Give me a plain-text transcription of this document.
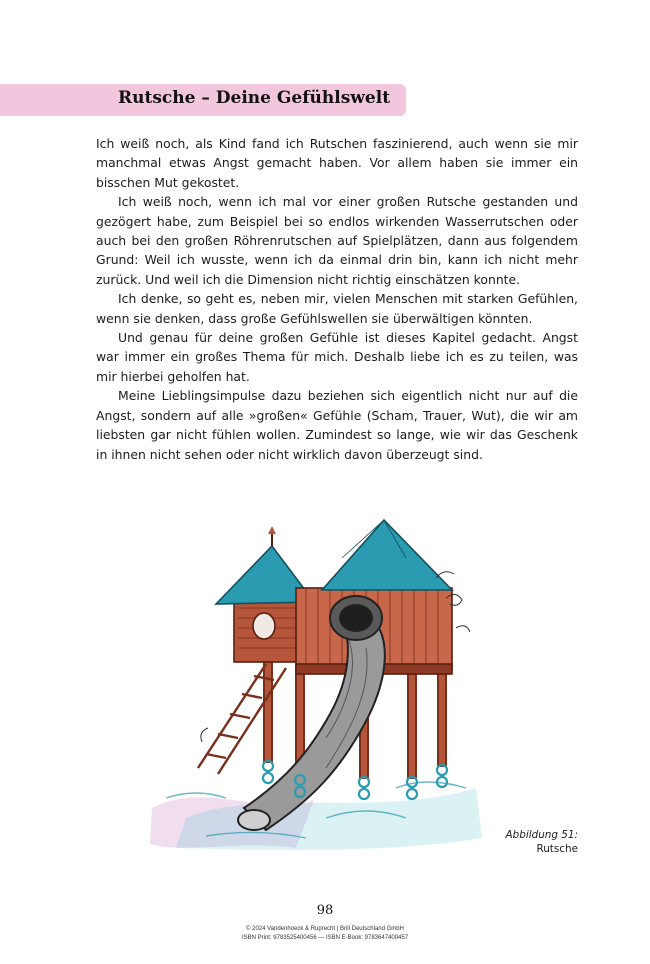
Rutsche – Deine Gefühlswelt

Ich weiß noch, als Kind fand ich Rutschen faszinierend, auch wenn sie mir manchmal etwas Angst gemacht haben. Vor allem haben sie immer ein bisschen Mut gekostet.

Ich weiß noch, wenn ich mal vor einer großen Rutsche gestanden und gezögert habe, zum Beispiel bei so endlos wirkenden Wasserrutschen oder auch bei den großen Röhrenrutschen auf Spielplätzen, dann aus folgendem Grund: Weil ich wusste, wenn ich da einmal drin bin, kann ich nicht mehr zurück. Und weil ich die Dimension nicht richtig einschätzen konnte.

Ich denke, so geht es, neben mir, vielen Menschen mit starken Gefühlen, wenn sie denken, dass große Gefühlswellen sie überwältigen könnten.

Und genau für deine großen Gefühle ist dieses Kapitel gedacht. Angst war immer ein großes Thema für mich. Deshalb liebe ich es zu teilen, was mir hierbei geholfen hat.

Meine Lieblingsimpulse dazu beziehen sich eigentlich nicht nur auf die Angst, sondern auf alle »großen« Gefühle (Scham, Trauer, Wut), die wir am liebsten gar nicht fühlen wollen. Zumindest so lange, wie wir das Geschenk in ihnen nicht sehen oder nicht wirklich davon überzeugt sind.

Abbildung 51:
Rutsche
98
© 2024 Vandenhoeck & Ruprecht | Brill Deutschland GmbH
ISBN Print: 9783525400456 — ISBN E-Book: 9783647400457
